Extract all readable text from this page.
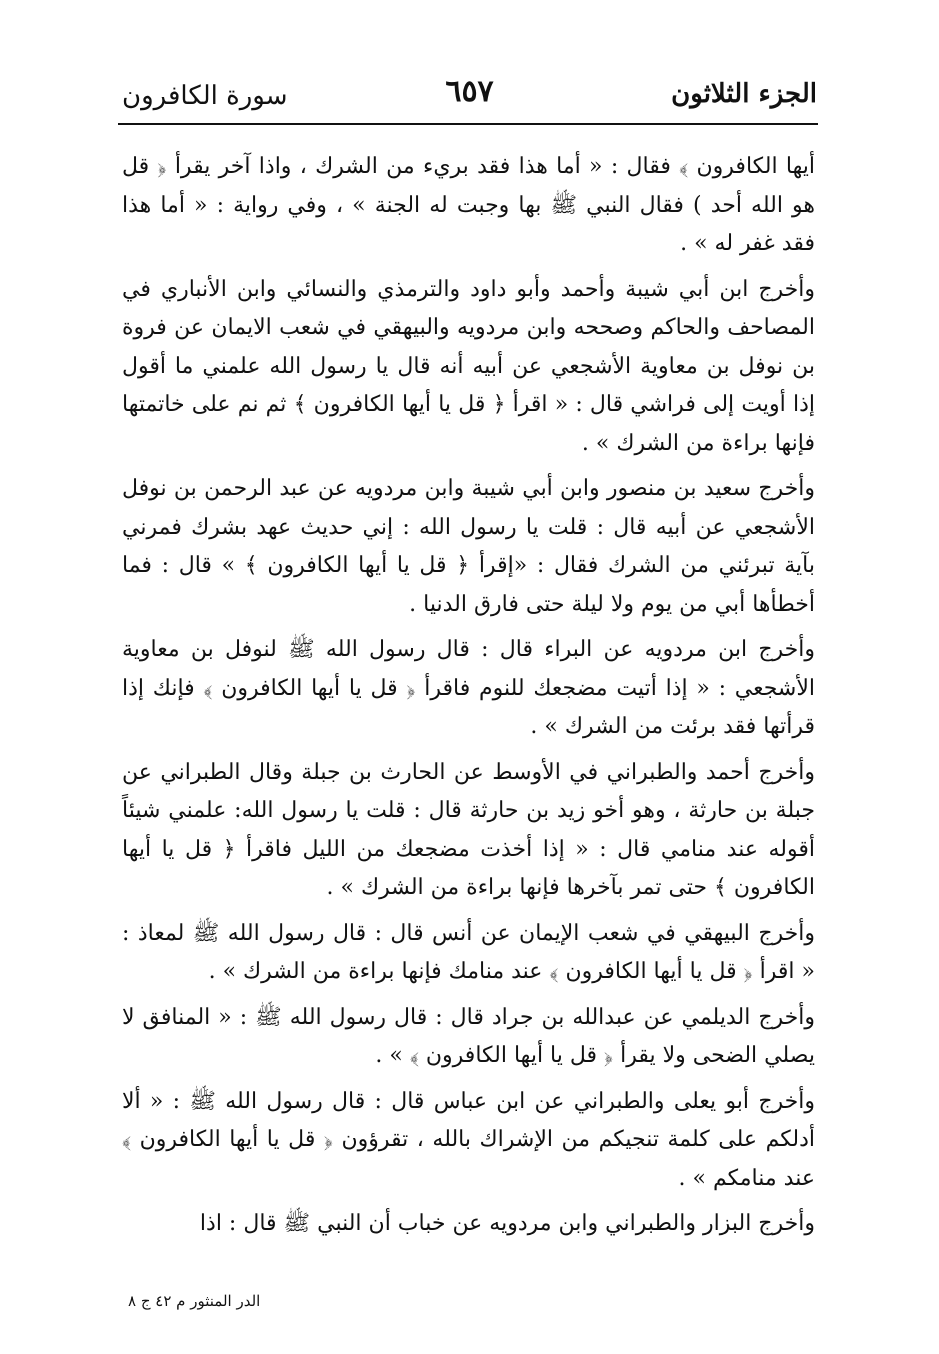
الجزء الثلاثون
٦٥٧
سورة الكافرون

أيها الكافرون ﴾ فقال : « أما هذا فقد بريء من الشرك ، واذا آخر يقرأ ﴿ قل هو الله أحد ) فقال النبي ﷺ بها وجبت له الجنة » ، وفي رواية : « أما هذا فقد غفر له » .

وأخرج ابن أبي شيبة وأحمد وأبو داود والترمذي والنسائي وابن الأنباري في المصاحف والحاكم وصححه وابن مردويه والبيهقي في شعب الايمان عن فروة بن نوفل بن معاوية الأشجعي عن أبيه أنه قال يا رسول الله علمني ما أقول إذا أويت إلى فراشي قال : « اقرأ ﴿ قل يا أيها الكافرون ﴾ ثم نم على خاتمتها فإنها براءة من الشرك » .

وأخرج سعيد بن منصور وابن أبي شيبة وابن مردويه عن عبد الرحمن بن نوفل الأشجعي عن أبيه قال : قلت يا رسول الله : إني حديث عهد بشرك فمرني بآية تبرئني من الشرك فقال : «إقرأ ﴿ قل يا أيها الكافرون ﴾ » قال : فما أخطأها أبي من يوم ولا ليلة حتى فارق الدنيا .

وأخرج ابن مردويه عن البراء قال : قال رسول الله ﷺ لنوفل بن معاوية الأشجعي : « إذا أتيت مضجعك للنوم فاقرأ ﴿ قل يا أيها الكافرون ﴾ فإنك إذا قرأتها فقد برئت من الشرك » .

وأخرج أحمد والطبراني في الأوسط عن الحارث بن جبلة وقال الطبراني عن جبلة بن حارثة ، وهو أخو زيد بن حارثة قال : قلت يا رسول الله: علمني شيئاً أقوله عند منامي قال : « إذا أخذت مضجعك من الليل فاقرأ ﴿ قل يا أيها الكافرون ﴾ حتى تمر بآخرها فإنها براءة من الشرك » .

وأخرج البيهقي في شعب الإيمان عن أنس قال : قال رسول الله ﷺ لمعاذ : « اقرأ ﴿ قل يا أيها الكافرون ﴾ عند منامك فإنها براءة من الشرك » .

وأخرج الديلمي عن عبدالله بن جراد قال : قال رسول الله ﷺ : « المنافق لا يصلي الضحى ولا يقرأ ﴿ قل يا أيها الكافرون ﴾ » .

وأخرج أبو يعلى والطبراني عن ابن عباس قال : قال رسول الله ﷺ : « ألا أدلكم على كلمة تنجيكم من الإشراك بالله ، تقرؤون ﴿ قل يا أيها الكافرون ﴾ عند منامكم » .

وأخرج البزار والطبراني وابن مردويه عن خباب أن النبي ﷺ قال : اذا

الدر المنثور م ٤٢ ج ٨
